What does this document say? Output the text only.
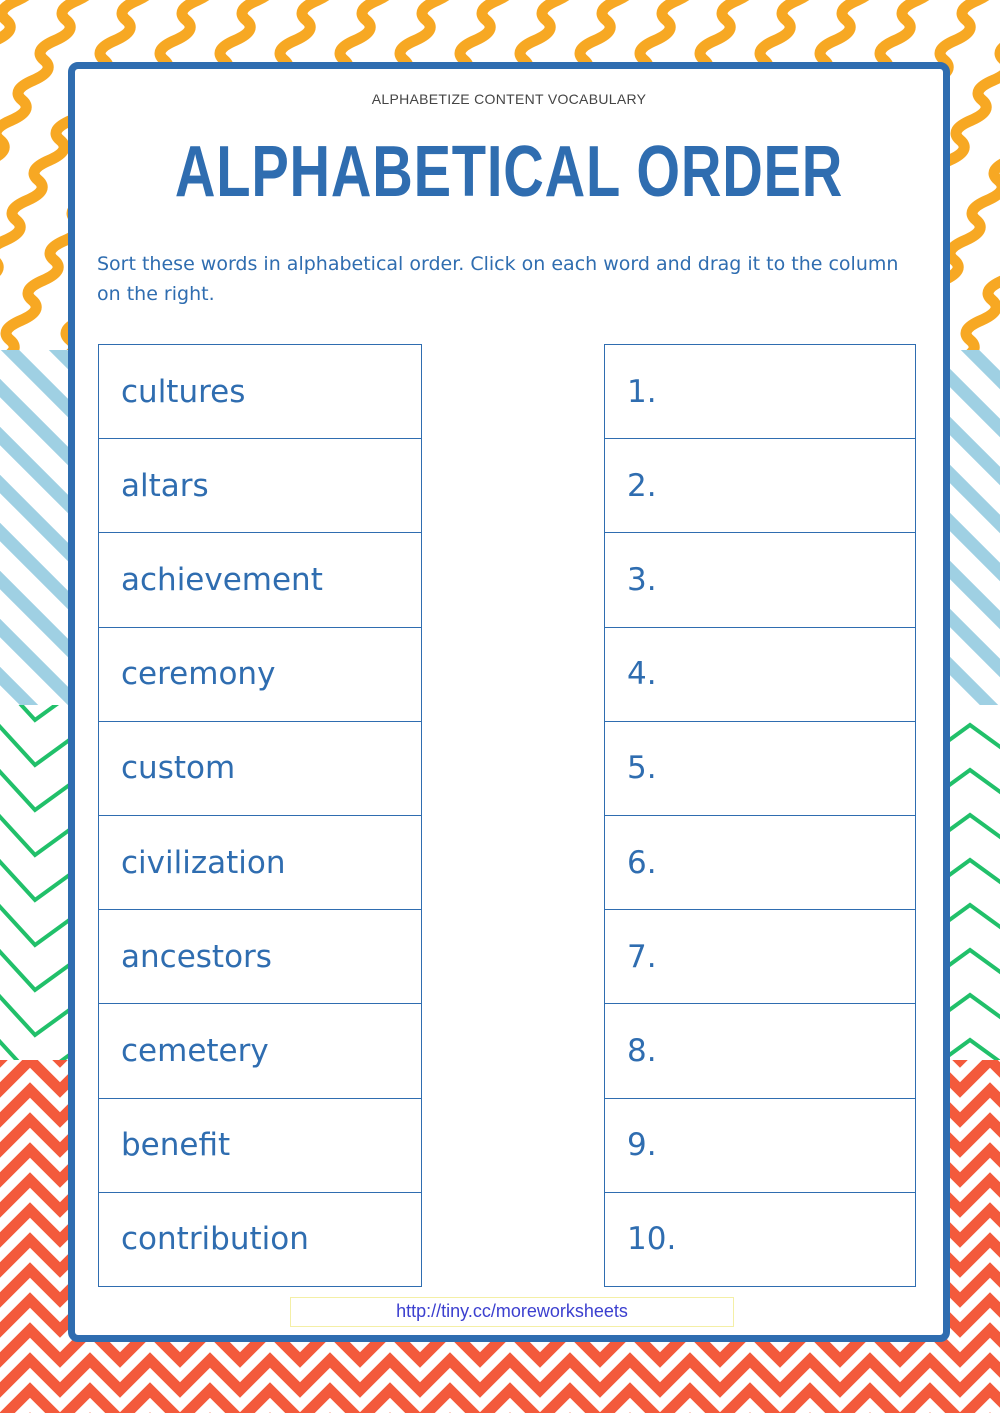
ALPHABETIZE CONTENT VOCABULARY
ALPHABETICAL ORDER
Sort these words in alphabetical order. Click on each word and drag it to the column on the right.
cultures
altars
achievement
ceremony
custom
civilization
ancestors
cemetery
benefit
contribution
1.
2.
3.
4.
5.
6.
7.
8.
9.
10.
http://tiny.cc/moreworksheets
